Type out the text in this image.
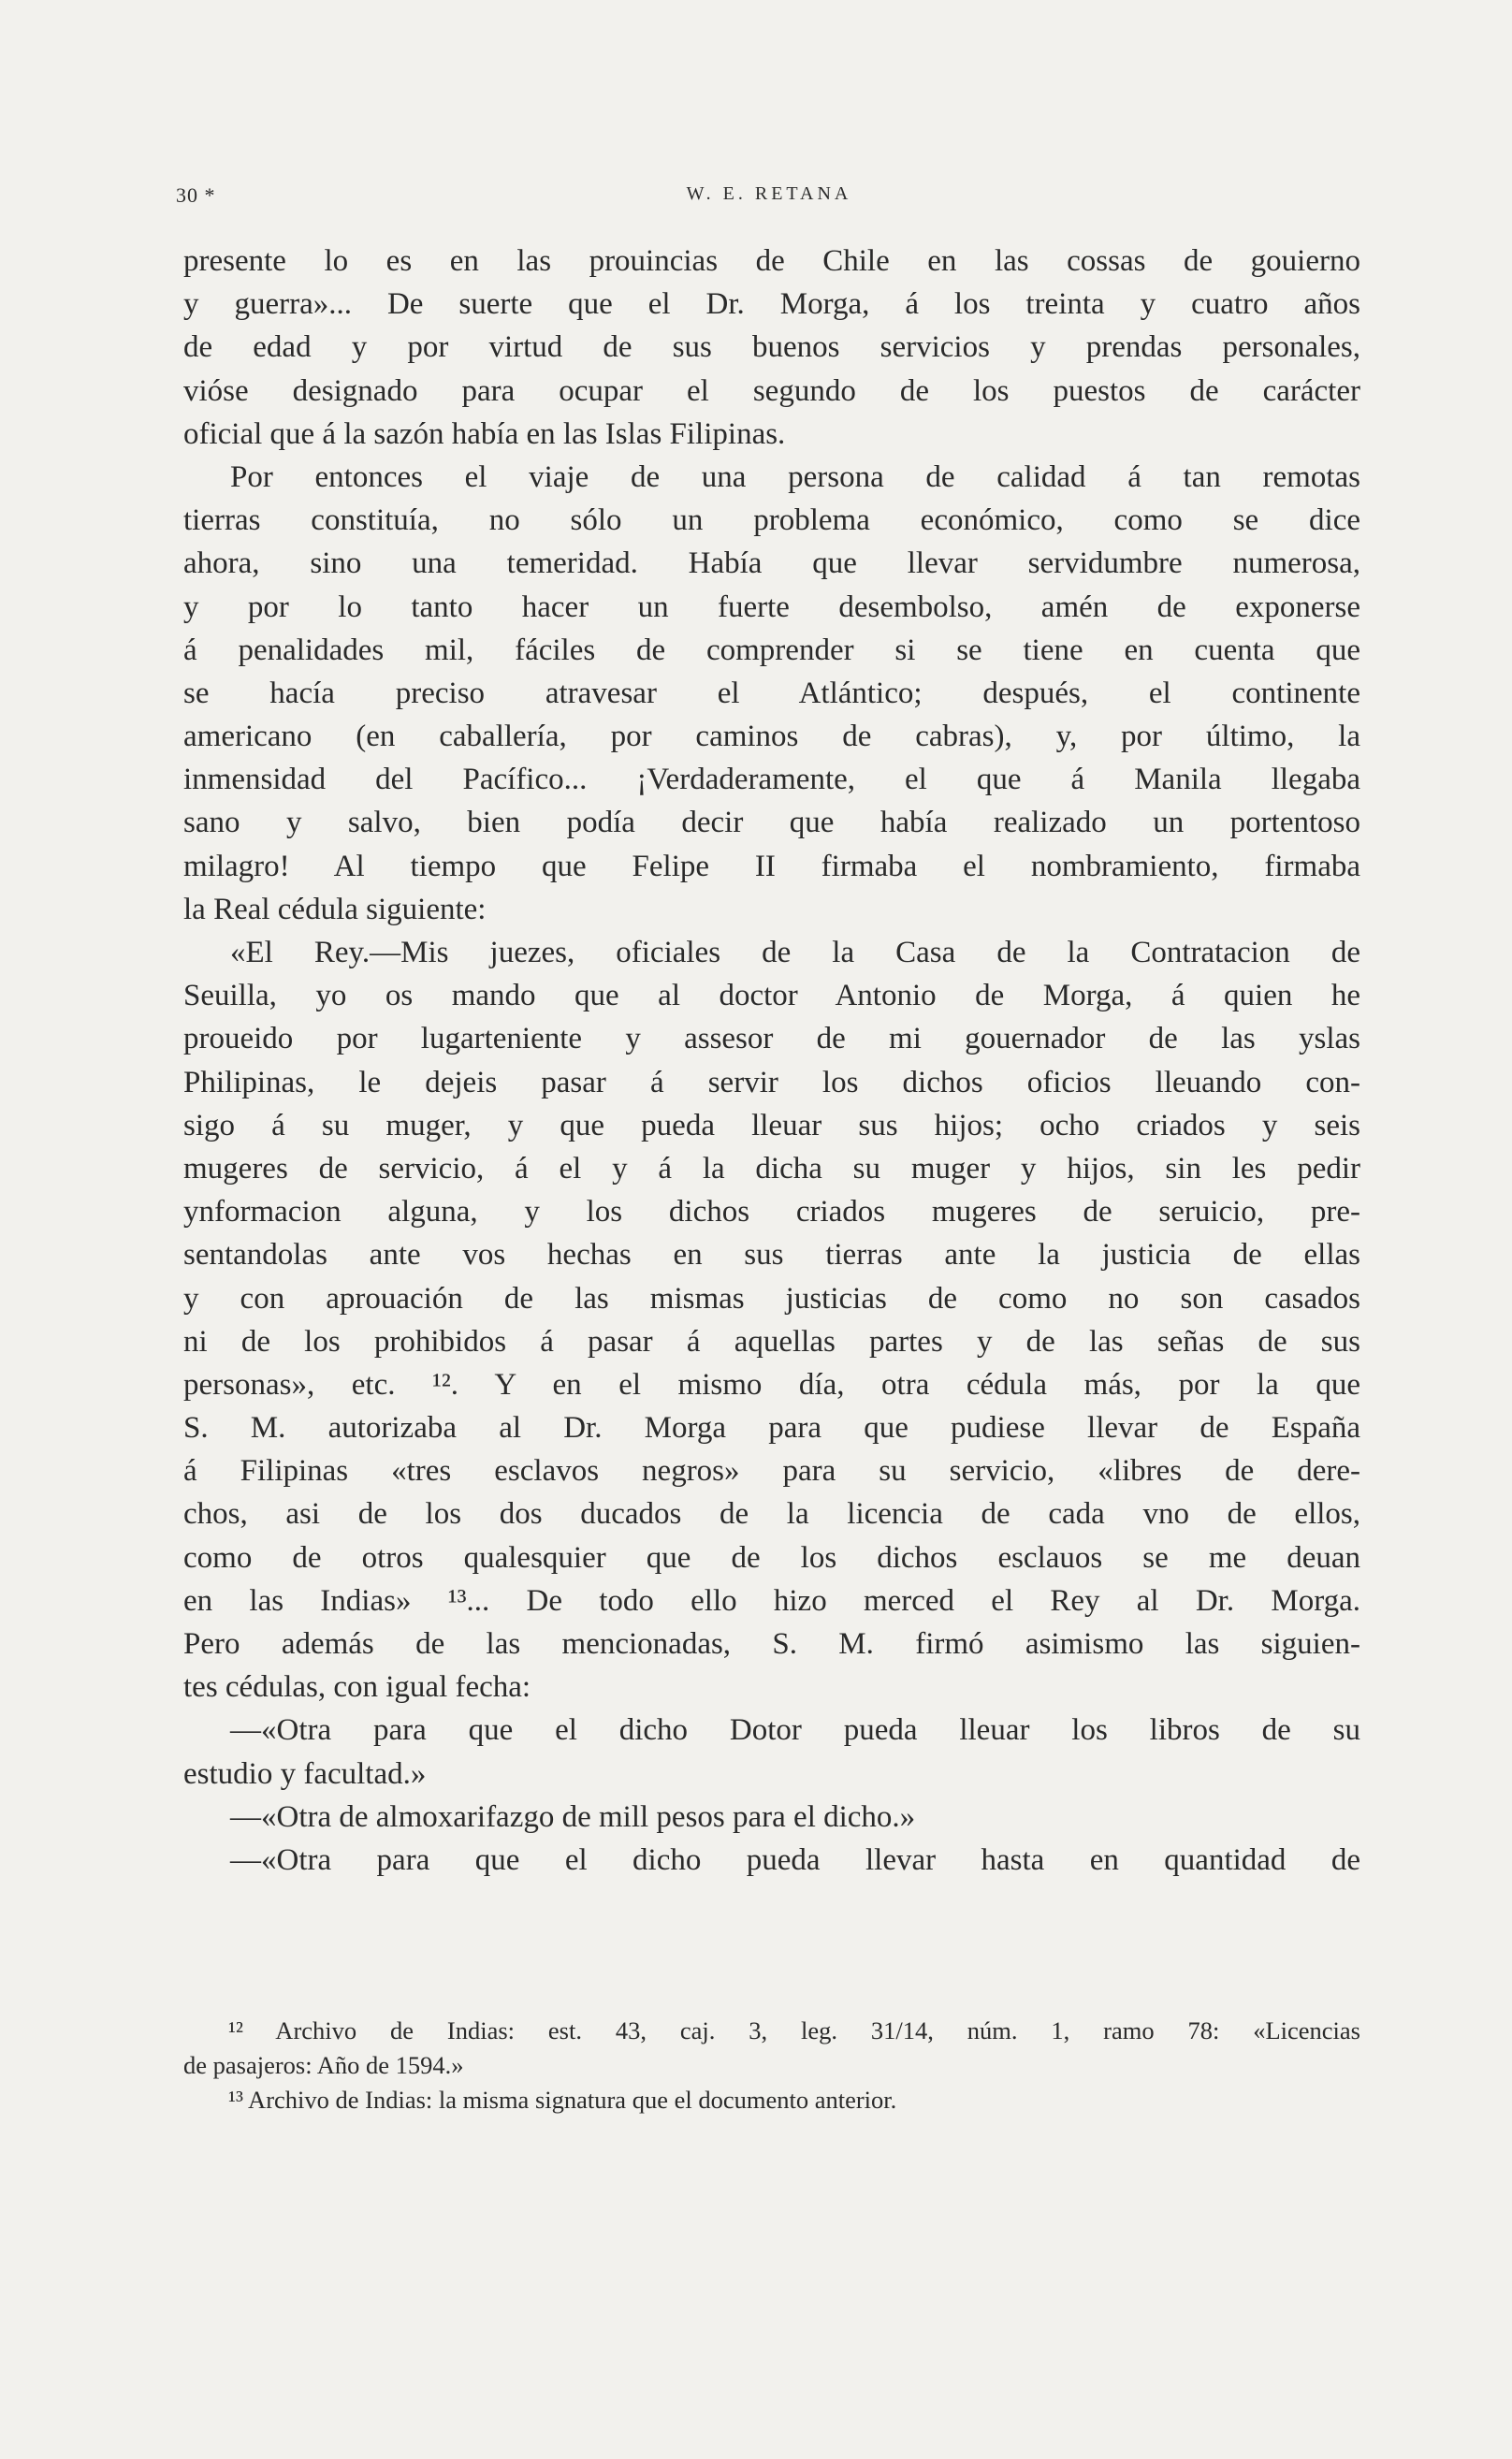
30 *	W. E. RETANA
presente lo es en las prouincias de Chile en las cossas de gouierno
y guerra»... De suerte que el Dr. Morga, á los treinta y cuatro años
de edad y por virtud de sus buenos servicios y prendas personales,
vióse designado para ocupar el segundo de los puestos de carácter
oficial que á la sazón había en las Islas Filipinas.
Por entonces el viaje de una persona de calidad á tan remotas
tierras constituía, no sólo un problema económico, como se dice
ahora, sino una temeridad. Había que llevar servidumbre numerosa,
y por lo tanto hacer un fuerte desembolso, amén de exponerse
á penalidades mil, fáciles de comprender si se tiene en cuenta que
se hacía preciso atravesar el Atlántico; después, el continente
americano (en caballería, por caminos de cabras), y, por último, la
inmensidad del Pacífico... ¡Verdaderamente, el que á Manila llegaba
sano y salvo, bien podía decir que había realizado un portentoso
milagro! Al tiempo que Felipe II firmaba el nombramiento, firmaba
la Real cédula siguiente:
«El Rey.—Mis juezes, oficiales de la Casa de la Contratacion de
Seuilla, yo os mando que al doctor Antonio de Morga, á quien he
proueido por lugarteniente y assesor de mi gouernador de las yslas
Philipinas, le dejeis pasar á servir los dichos oficios lleuando con-
sigo á su muger, y que pueda lleuar sus hijos; ocho criados y seis
mugeres de servicio, á el y á la dicha su muger y hijos, sin les pedir
ynformacion alguna, y los dichos criados mugeres de seruicio, pre-
sentandolas ante vos hechas en sus tierras ante la justicia de ellas
y con aprouación de las mismas justicias de como no son casados
ni de los prohibidos á pasar á aquellas partes y de las señas de sus
personas», etc. ¹². Y en el mismo día, otra cédula más, por la que
S. M. autorizaba al Dr. Morga para que pudiese llevar de España
á Filipinas «tres esclavos negros» para su servicio, «libres de dere-
chos, asi de los dos ducados de la licencia de cada vno de ellos,
como de otros qualesquier que de los dichos esclauos se me deuan
en las Indias» ¹³... De todo ello hizo merced el Rey al Dr. Morga.
Pero además de las mencionadas, S. M. firmó asimismo las siguien-
tes cédulas, con igual fecha:
—«Otra para que el dicho Dotor pueda lleuar los libros de su
estudio y facultad.»
—«Otra de almoxarifazgo de mill pesos para el dicho.»
—«Otra para que el dicho pueda llevar hasta en quantidad de
¹² Archivo de Indias: est. 43, caj. 3, leg. 31/14, núm. 1, ramo 78: «Licencias
de pasajeros: Año de 1594.»
¹³ Archivo de Indias: la misma signatura que el documento anterior.
